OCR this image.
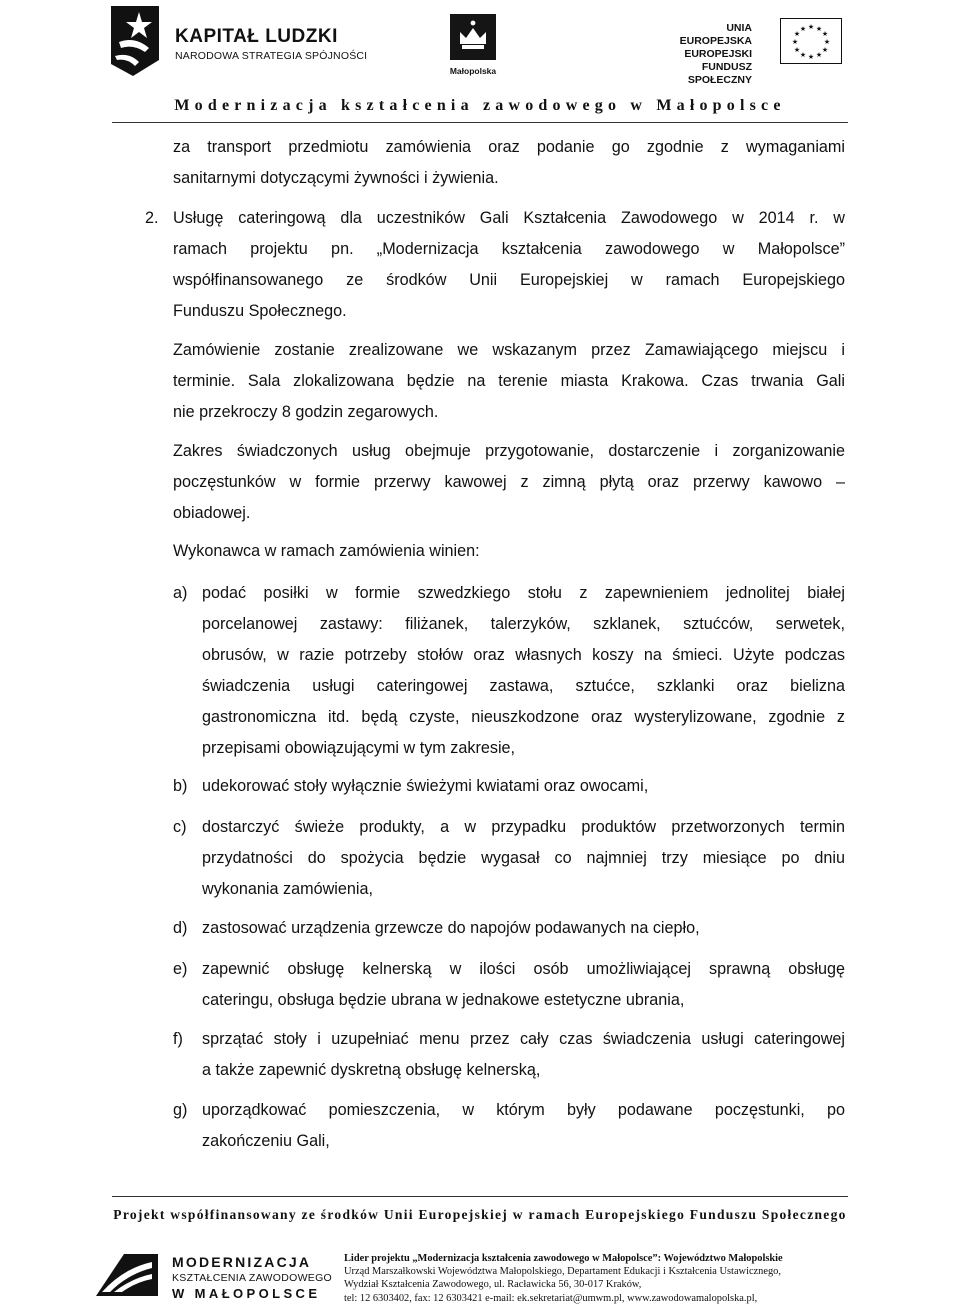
KAPITAŁ LUDZKI
NARODOWA STRATEGIA SPÓJNOŚCI
Małopolska
UNIA EUROPEJSKA
EUROPEJSKI
FUNDUSZ SPOŁECZNY
★ ★
★
★
★
★
★
★
★
★
★
★
Modernizacja kształcenia zawodowego w Małopolsce
za transport przedmiotu zamówienia oraz podanie go zgodnie z wymaganiami
sanitarnymi dotyczącymi żywności i żywienia.
2. Usługę cateringową dla uczestników Gali Kształcenia Zawodowego w 2014 r. w
ramach projektu pn. „Modernizacja kształcenia zawodowego w Małopolsce”
współfinansowanego ze środków Unii Europejskiej w ramach Europejskiego
Funduszu Społecznego.
Zamówienie zostanie zrealizowane we wskazanym przez Zamawiającego miejscu i
terminie. Sala zlokalizowana będzie na terenie miasta Krakowa. Czas trwania Gali
nie przekroczy 8 godzin zegarowych.
Zakres świadczonych usług obejmuje przygotowanie, dostarczenie i zorganizowanie
poczęstunków w formie przerwy kawowej z zimną płytą oraz przerwy kawowo –
obiadowej.
Wykonawca w ramach zamówienia winien:
a) podać posiłki w formie szwedzkiego stołu z zapewnieniem jednolitej białej
porcelanowej zastawy: filiżanek, talerzyków, szklanek, sztućców, serwetek,
obrusów, w razie potrzeby stołów oraz własnych koszy na śmieci. Użyte podczas
świadczenia usługi cateringowej zastawa, sztućce, szklanki oraz bielizna
gastronomiczna itd. będą czyste, nieuszkodzone oraz wysterylizowane, zgodnie z
przepisami obowiązującymi w tym zakresie,
b) udekorować stoły wyłącznie świeżymi kwiatami oraz owocami,
c) dostarczyć świeże produkty, a w przypadku produktów przetworzonych termin
przydatności do spożycia będzie wygasał co najmniej trzy miesiące po dniu
wykonania zamówienia,
d) zastosować urządzenia grzewcze do napojów podawanych na ciepło,
e) zapewnić obsługę kelnerską w ilości osób umożliwiającej sprawną obsługę
cateringu, obsługa będzie ubrana w jednakowe estetyczne ubrania,
f) sprzątać stoły i uzupełniać menu przez cały czas świadczenia usługi cateringowej
a także zapewnić dyskretną obsługę kelnerską,
g) uporządkować pomieszczenia, w którym były podawane poczęstunki, po
zakończeniu Gali,
Projekt współfinansowany ze środków Unii Europejskiej w ramach Europejskiego Funduszu Społecznego
MODERNIZACJA
KSZTAŁCENIA ZAWODOWEGO
W MAŁOPOLSCE
Lider projektu „Modernizacja kształcenia zawodowego w Małopolsce”: Województwo Małopolskie
Urząd Marszałkowski Województwa Małopolskiego, Departament Edukacji i Kształcenia Ustawicznego,
Wydział Kształcenia Zawodowego, ul. Racławicka 56, 30-017 Kraków,
tel: 12 6303402, fax: 12 6303421 e-mail: ek.sekretariat@umwm.pl, www.zawodowamalopolska.pl,
